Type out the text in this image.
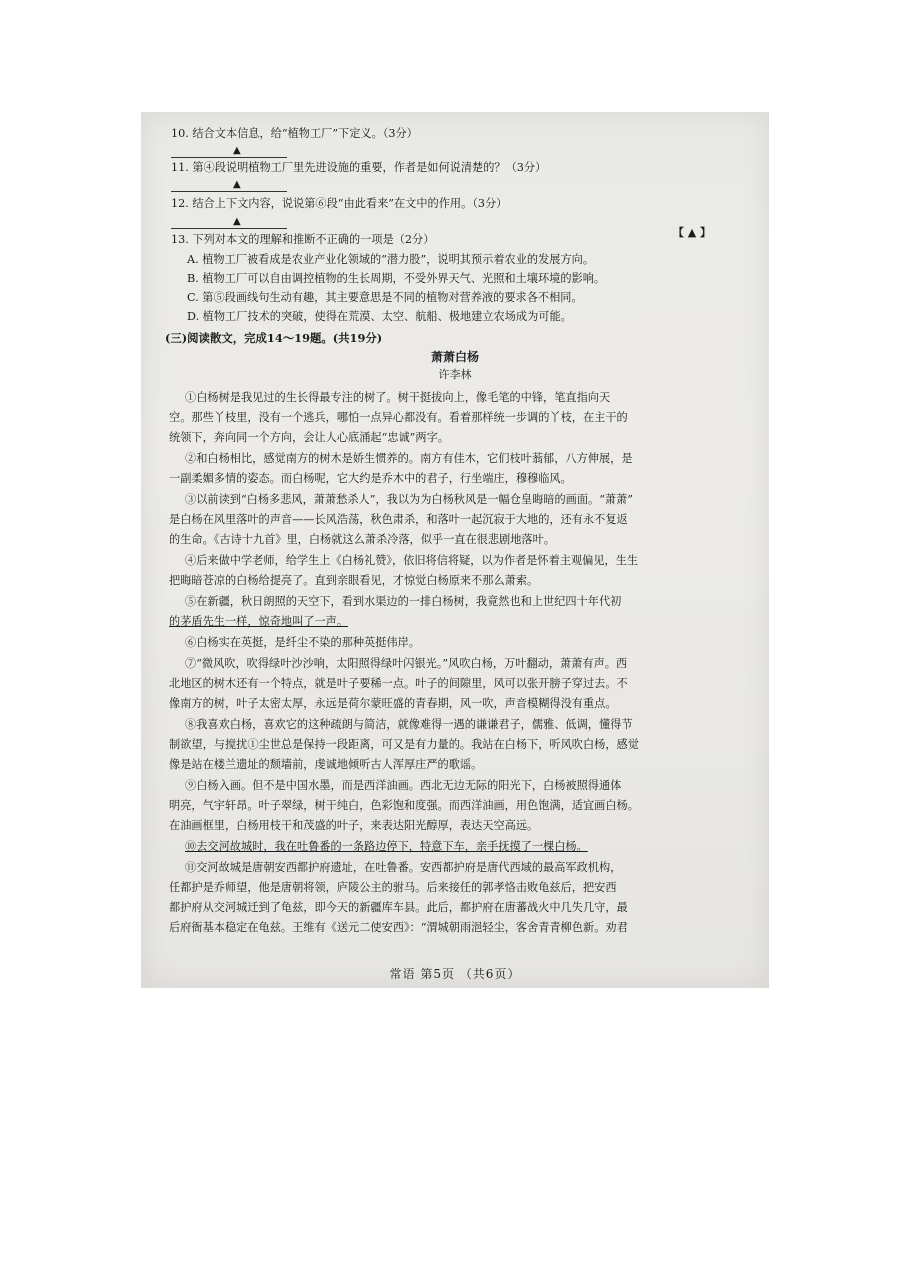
10. 结合文本信息，给“植物工厂”下定义。（3分）
▲
11. 第④段说明植物工厂里先进设施的重要，作者是如何说清楚的？（3分）
▲
12. 结合上下文内容，说说第⑥段“由此看来”在文中的作用。（3分）
▲
【 ▲ 】
13. 下列对本文的理解和推断不正确的一项是（2分）
A. 植物工厂被看成是农业产业化领域的“潜力股”，说明其预示着农业的发展方向。
B. 植物工厂可以自由调控植物的生长周期，不受外界天气、光照和土壤环境的影响。
C. 第⑤段画线句生动有趣，其主要意思是不同的植物对营养液的要求各不相同。
D. 植物工厂技术的突破，使得在荒漠、太空、航船、极地建立农场成为可能。
(三)阅读散文，完成14～19题。(共19分)
萧萧白杨
许李林
①白杨树是我见过的生长得最专注的树了。树干挺拔向上，像毛笔的中锋，笔直指向天
空。那些丫枝里，没有一个逃兵，哪怕一点异心都没有。看着那样统一步调的丫枝，在主干的
统领下，奔向同一个方向，会让人心底涌起“忠诚”两字。
②和白杨相比，感觉南方的树木是娇生惯养的。南方有佳木，它们枝叶蓊郁，八方伸展，是
一副柔媚多情的姿态。而白杨呢，它大约是乔木中的君子，行坐端庄，穆穆临风。
③以前读到“白杨多悲风，萧萧愁杀人”，我以为为白杨秋风是一幅仓皇晦暗的画面。“萧萧”
是白杨在风里落叶的声音——长风浩荡，秋色肃杀，和落叶一起沉寂于大地的，还有永不复返
的生命。《古诗十九首》里，白杨就这么萧杀冷落，似乎一直在很悲剧地落叶。
④后来做中学老师，给学生上《白杨礼赞》，依旧将信将疑，以为作者是怀着主观偏见，生生
把晦暗苍凉的白杨给提亮了。直到亲眼看见，才惊觉白杨原来不那么萧索。
⑤在新疆，秋日朗照的天空下，看到水渠边的一排白杨树，我竟然也和上世纪四十年代初
的茅盾先生一样，惊奇地叫了一声。
⑥白杨实在英挺，是纤尘不染的那种英挺伟岸。
⑦“微风吹，吹得绿叶沙沙响，太阳照得绿叶闪银光。”风吹白杨，万叶翻动，萧萧有声。西
北地区的树木还有一个特点，就是叶子要稀一点。叶子的间隙里，风可以张开膀子穿过去。不
像南方的树，叶子太密太厚，永远是荷尔蒙旺盛的青春期，风一吹，声音模糊得没有重点。
⑧我喜欢白杨，喜欢它的这种疏朗与简洁，就像难得一遇的谦谦君子，儒雅、低调，懂得节
制欲望，与搅扰①尘世总是保持一段距离，可又是有力量的。我站在白杨下，听风吹白杨，感觉
像是站在楼兰遗址的颓墙前，虔诚地倾听古人浑厚庄严的歌谣。
⑨白杨入画。但不是中国水墨，而是西洋油画。西北无边无际的阳光下，白杨被照得通体
明亮，气宇轩昂。叶子翠绿，树干纯白，色彩饱和度强。而西洋油画，用色饱满，适宜画白杨。
在油画框里，白杨用枝干和茂盛的叶子，来表达阳光醇厚，表达天空高远。
⑩去交河故城时，我在吐鲁番的一条路边停下，特意下车，亲手抚摸了一棵白杨。
⑪交河故城是唐朝安西都护府遗址，在吐鲁番。安西都护府是唐代西域的最高军政机构，
任都护是乔师望，他是唐朝将领，庐陵公主的驸马。后来接任的郭孝恪击败龟兹后，把安西
都护府从交河城迁到了龟兹，即今天的新疆库车县。此后，都护府在唐蕃战火中几失几守，最
后府衙基本稳定在龟兹。王维有《送元二使安西》：“渭城朝雨浥轻尘，客舍青青柳色新。劝君
常语 第5页 （共6页）
